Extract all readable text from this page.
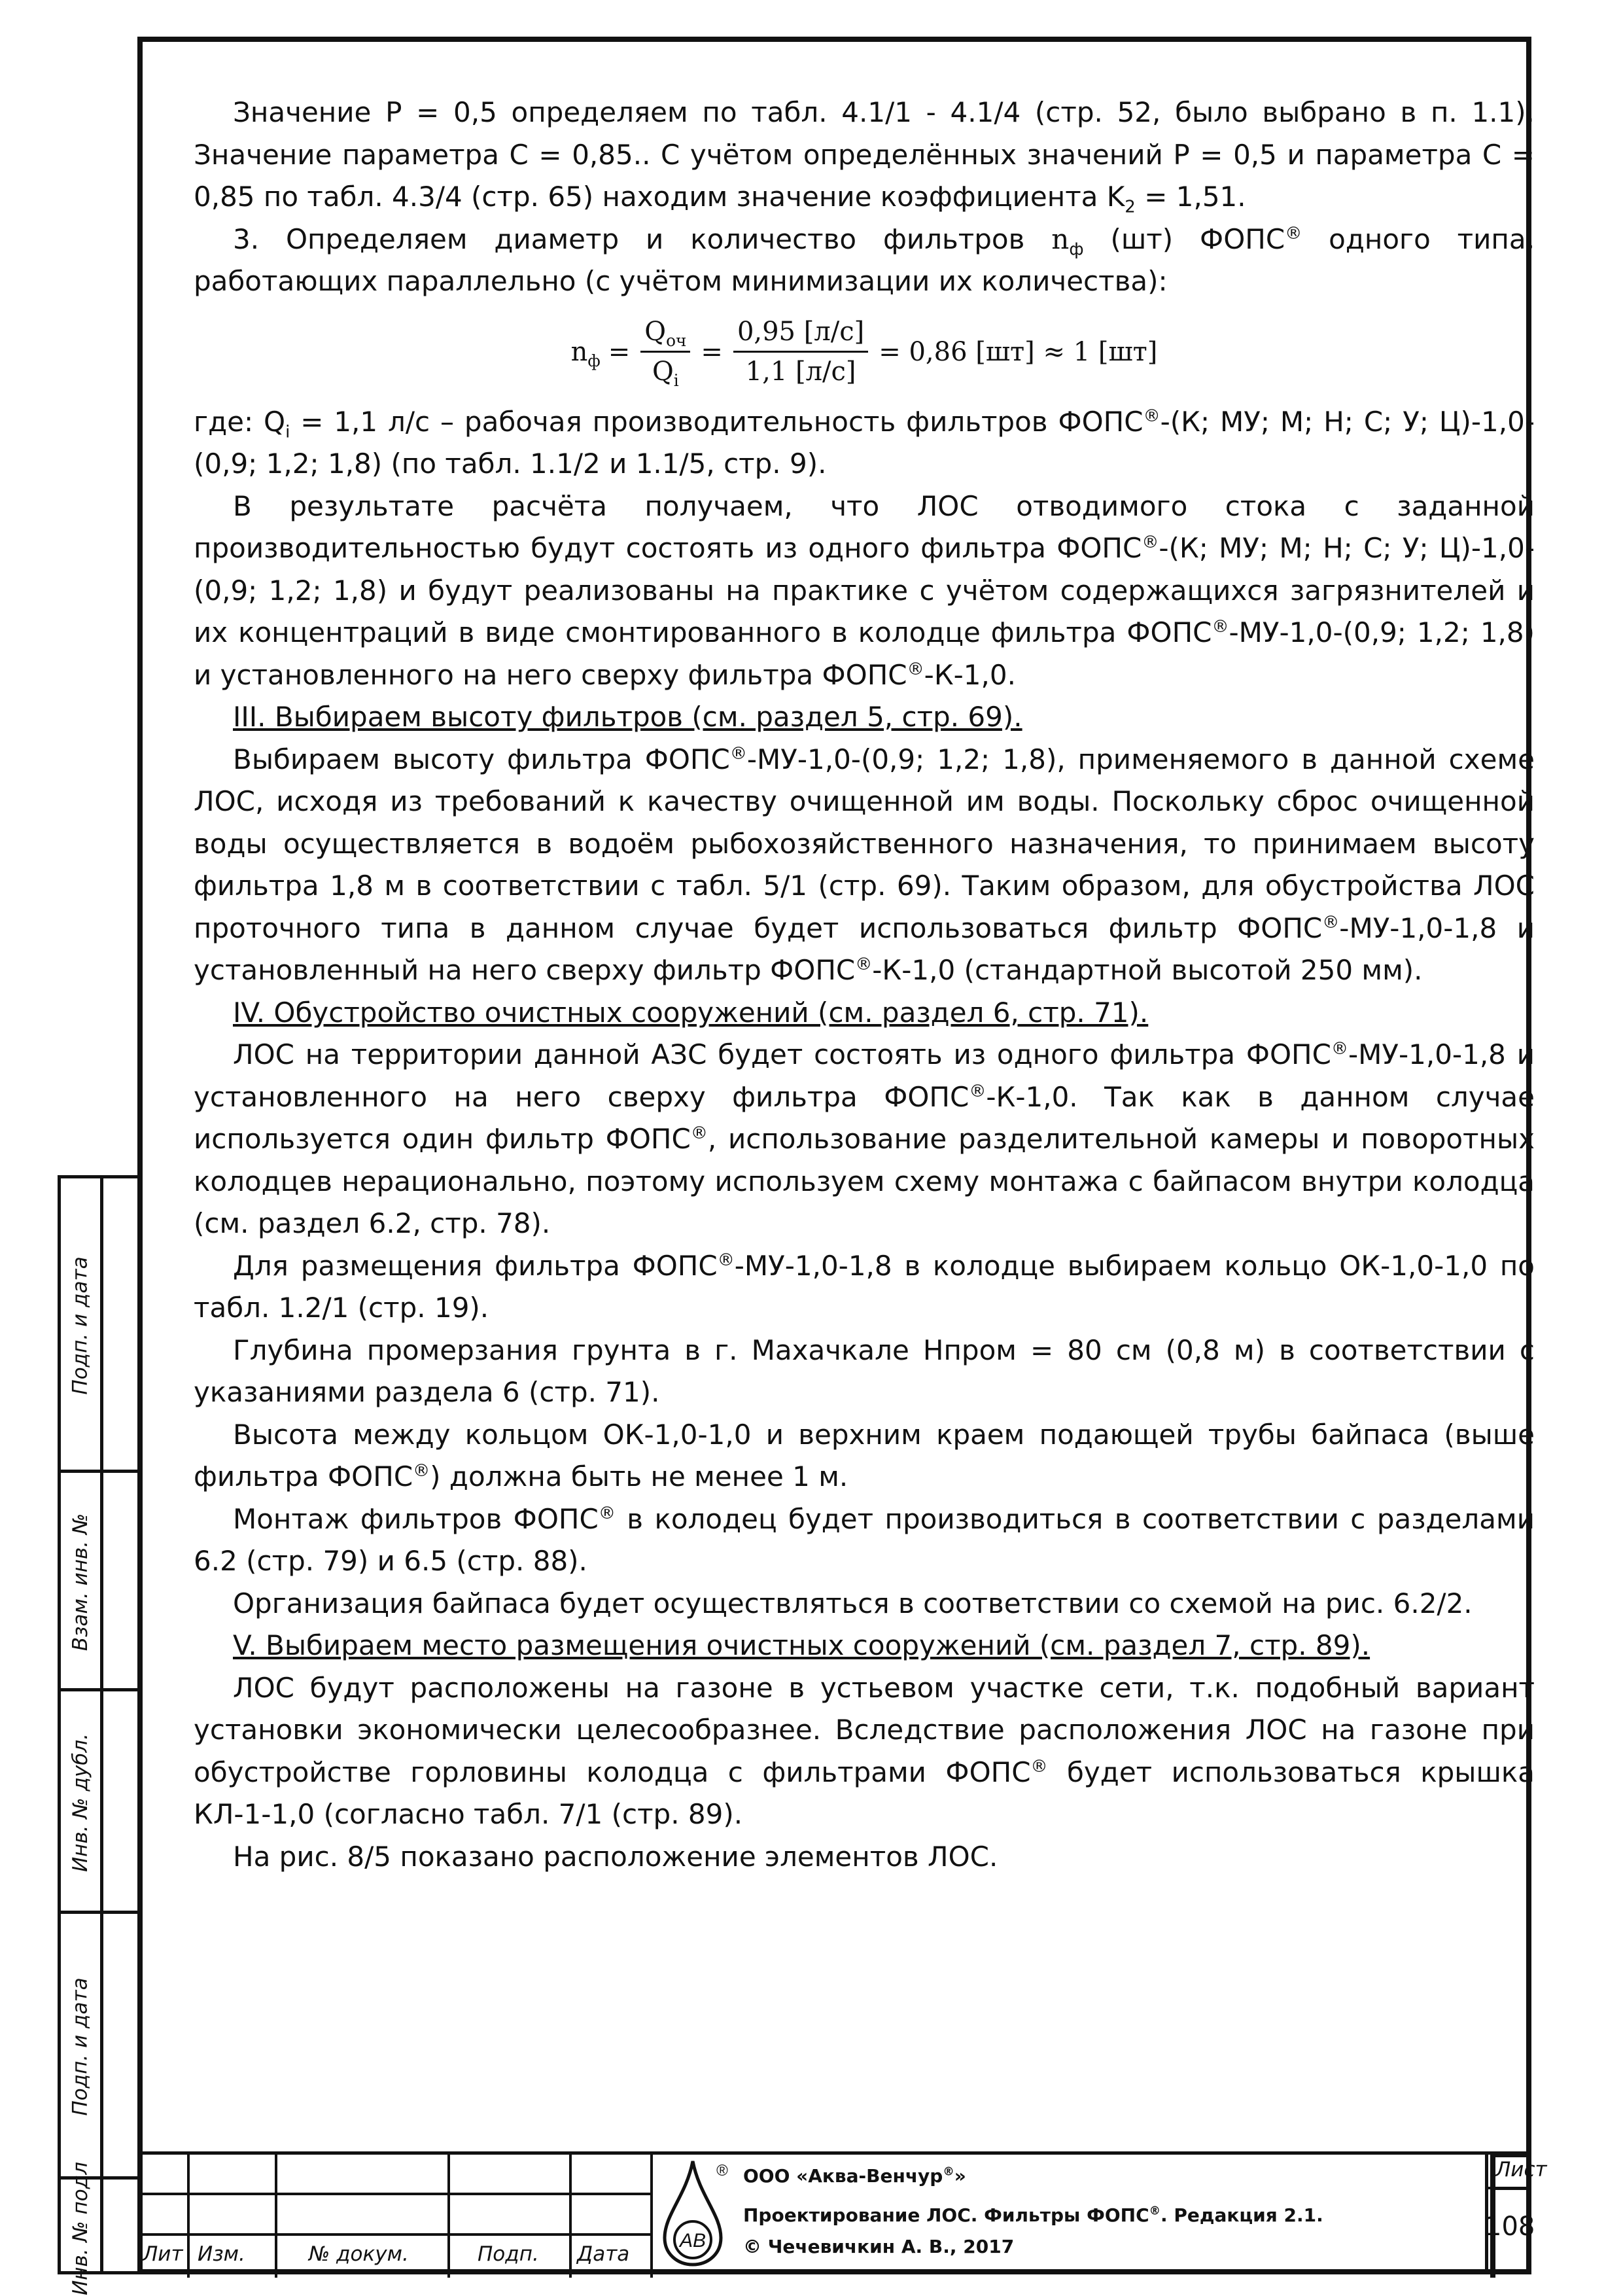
Значение Р = 0,5 определяем по табл. 4.1/1 - 4.1/4 (стр. 52, было выбрано в п. 1.1). Значение параметра С = 0,85.. С учётом определённых значений Р = 0,5 и параметра С = 0,85 по табл. 4.3/4 (стр. 65) находим значение коэффициента $K_2 = 1,51$.

3. Определяем диаметр и количество фильтров $n_ф$ (шт) ФОПС® одного типа, работающих параллельно (с учётом минимизации их количества):

$n_ф = \frac{Q_{оч}}{Q_i} = \frac{0,95 [л/с]}{1,1 [л/с]} = 0,86$ [шт] ≈ 1 [шт]

где: $Q_i = 1,1$ л/с – рабочая производительность фильтров ФОПС®-(К; МУ; М; Н; С; У; Ц)-1,0-(0,9; 1,2; 1,8) (по табл. 1.1/2 и 1.1/5, стр. 9).

В результате расчёта получаем, что ЛОС отводимого стока с заданной производительностью будут состоять из одного фильтра ФОПС®-(К; МУ; М; Н; С; У; Ц)-1,0-(0,9; 1,2; 1,8) и будут реализованы на практике с учётом содержащихся загрязнителей и их концентраций в виде смонтированного в колодце фильтра ФОПС®-МУ-1,0-(0,9; 1,2; 1,8) и установленного на него сверху фильтра ФОПС®-К-1,0.

III. Выбираем высоту фильтров (см. раздел 5, стр. 69).

Выбираем высоту фильтра ФОПС®-МУ-1,0-(0,9; 1,2; 1,8), применяемого в данной схеме ЛОС, исходя из требований к качеству очищенной им воды. Поскольку сброс очищенной воды осуществляется в водоём рыбохозяйственного назначения, то принимаем высоту фильтра 1,8 м в соответствии с табл. 5/1 (стр. 69). Таким образом, для обустройства ЛОС проточного типа в данном случае будет использоваться фильтр ФОПС®-МУ-1,0-1,8 и установленный на него сверху фильтр ФОПС®-К-1,0 (стандартной высотой 250 мм).

IV. Обустройство очистных сооружений (см. раздел 6, стр. 71).

ЛОС на территории данной АЗС будет состоять из одного фильтра ФОПС®-МУ-1,0-1,8 и установленного на него сверху фильтра ФОПС®-К-1,0. Так как в данном случае используется один фильтр ФОПС®, использование разделительной камеры и поворотных колодцев нерационально, поэтому используем схему монтажа с байпасом внутри колодца (см. раздел 6.2, стр. 78).

Для размещения фильтра ФОПС®-МУ-1,0-1,8 в колодце выбираем кольцо ОК-1,0-1,0 по табл. 1.2/1 (стр. 19).

Глубина промерзания грунта в г. Махачкале Нпром = 80 см (0,8 м) в соответствии с указаниями раздела 6 (стр. 71).

Высота между кольцом ОК-1,0-1,0 и верхним краем подающей трубы байпаса (выше фильтра ФОПС®) должна быть не менее 1 м.

Монтаж фильтров ФОПС® в колодец будет производиться в соответствии с разделами 6.2 (стр. 79) и 6.5 (стр. 88).

Организация байпаса будет осуществляться в соответствии со схемой на рис. 6.2/2.

V. Выбираем место размещения очистных сооружений (см. раздел 7, стр. 89).

ЛОС будут расположены на газоне в устьевом участке сети, т.к. подобный вариант установки экономически целесообразнее. Вследствие расположения ЛОС на газоне при обустройстве горловины колодца с фильтрами ФОПС® будет использоваться крышка КЛ-1-1,0 (согласно табл. 7/1 (стр. 89).

На рис. 8/5 показано расположение элементов ЛОС.

Подп. и дата
Взам. инв. №
Инв. № дубл.
Подп. и дата
Инв. № подл Лит Изм.	№ докум.	Подп. Дата
ООО «Аква-Венчур®»
Проектирование ЛОС. Фильтры ФОПС®. Редакция 2.1.
© Чечевичкин А. В., 2017
Лист
108
АВ
®
